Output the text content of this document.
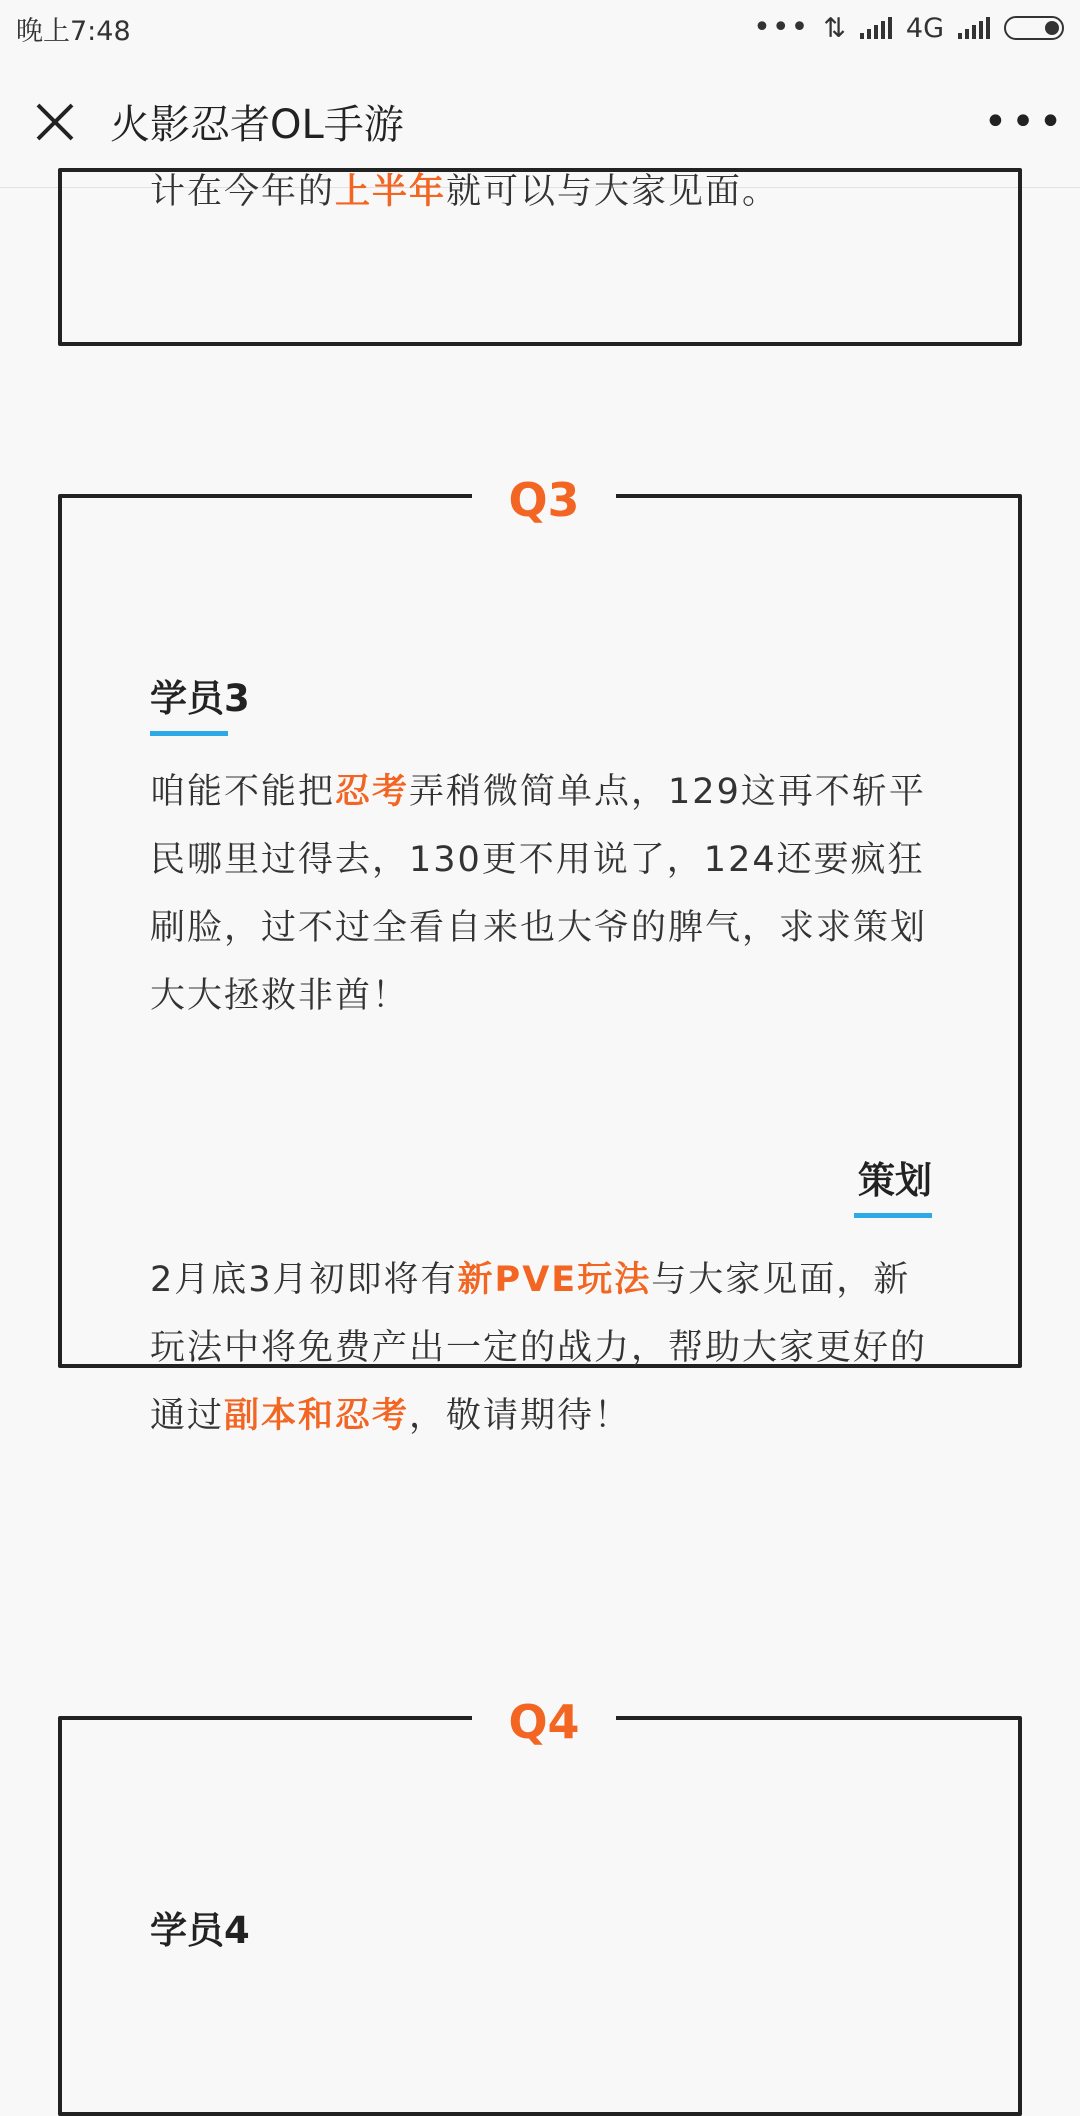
晚上7:48	••• ⇅ 4G
火影忍者OL手游	•••
计在今年的上半年就可以与大家见面。
Q3
学员3
咱能不能把忍考弄稍微简单点，129这再不斩平民哪里过得去，130更不用说了，124还要疯狂刷脸，过不过全看自来也大爷的脾气，求求策划大大拯救非酋！
策划
2月底3月初即将有新PVE玩法与大家见面，新玩法中将免费产出一定的战力，帮助大家更好的通过副本和忍考，敬请期待！
Q4
学员4
